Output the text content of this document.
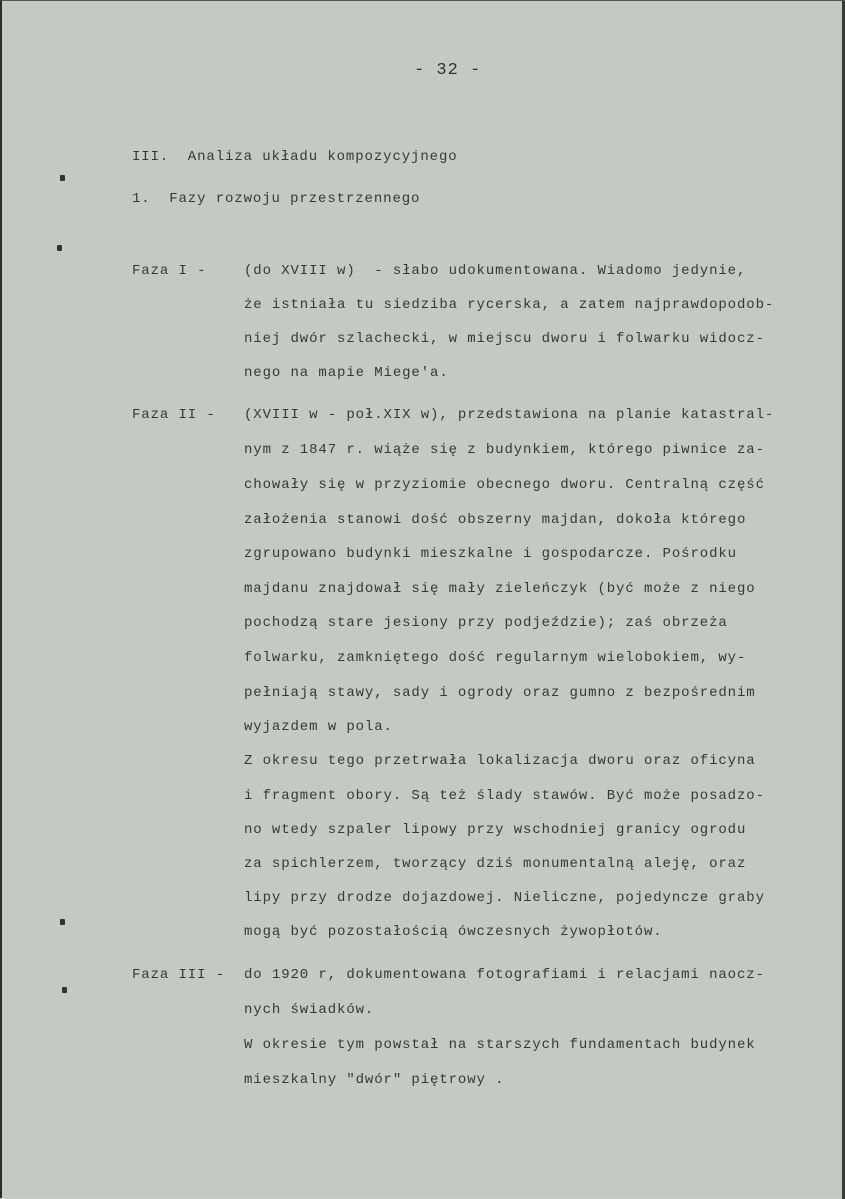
- 32 -
III.  Analiza układu kompozycyjnego
1.  Fazy rozwoju przestrzennego
Faza I -	(do XVIII w)  - słabo udokumentowana. Wiadomo jedynie,
że istniała tu siedziba rycerska, a zatem najprawdopodob-
niej dwór szlachecki, w miejscu dworu i folwarku widocz-
nego na mapie Miege'a.
Faza II - (XVIII w - poł.XIX w), przedstawiona na planie katastral-
nym z 1847 r. wiąże się z budynkiem, którego piwnice za-
chowały się w przyziomie obecnego dworu. Centralną część
założenia stanowi dość obszerny majdan, dokoła którego
zgrupowano budynki mieszkalne i gospodarcze. Pośrodku
majdanu znajdował się mały zieleńczyk (być może z niego
pochodzą stare jesiony przy podjeździe); zaś obrzeża
folwarku, zamkniętego dość regularnym wielobokiem, wy-
pełniają stawy, sady i ogrody oraz gumno z bezpośrednim
wyjazdem w pola.
Z okresu tego przetrwała lokalizacja dworu oraz oficyna
i fragment obory. Są też ślady stawów. Być może posadzo-
no wtedy szpaler lipowy przy wschodniej granicy ogrodu
za spichlerzem, tworzący dziś monumentalną aleję, oraz
lipy przy drodze dojazdowej. Nieliczne, pojedyncze graby
mogą być pozostałością ówczesnych żywopłotów.
Faza III - do 1920 r, dokumentowana fotografiami i relacjami naocz-
nych świadków.
W okresie tym powstał na starszych fundamentach budynek
mieszkalny "dwór" piętrowy .
